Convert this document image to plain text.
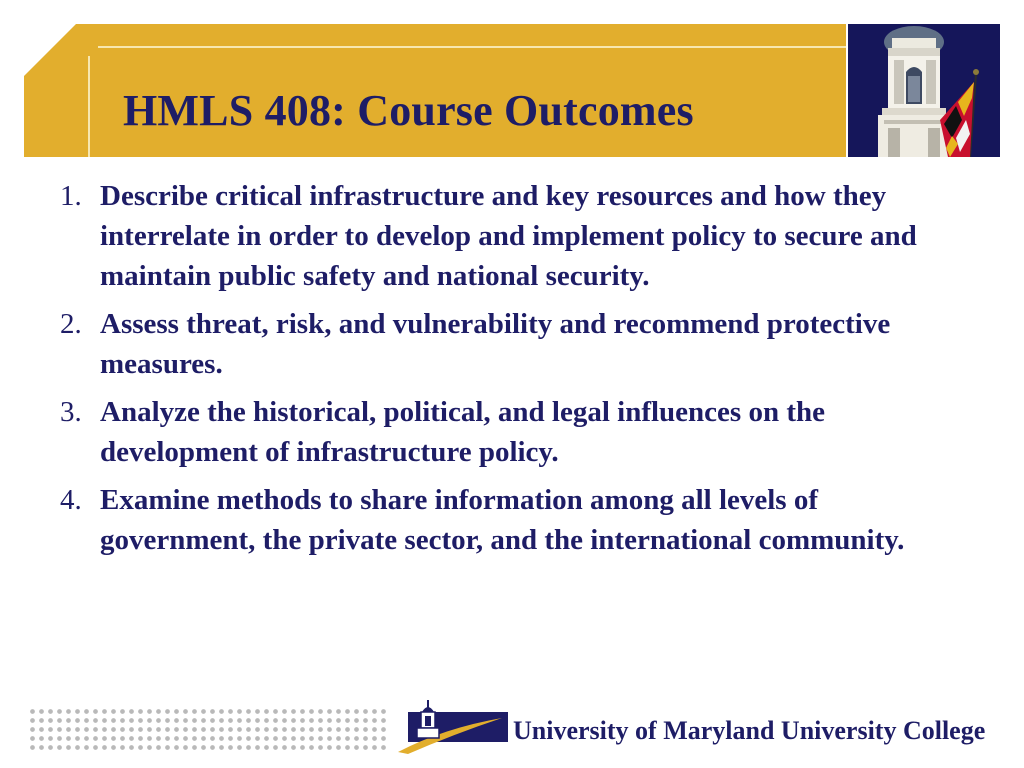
HMLS 408: Course Outcomes
1. Describe critical infrastructure and key resources and how they interrelate in order to develop and implement policy to secure and maintain public safety and national security.
2. Assess threat, risk, and vulnerability and recommend protective measures.
3. Analyze the historical, political, and legal influences on the development of infrastructure policy.
4. Examine methods to share information among all levels of government, the private sector, and the international community.
University of Maryland University College
